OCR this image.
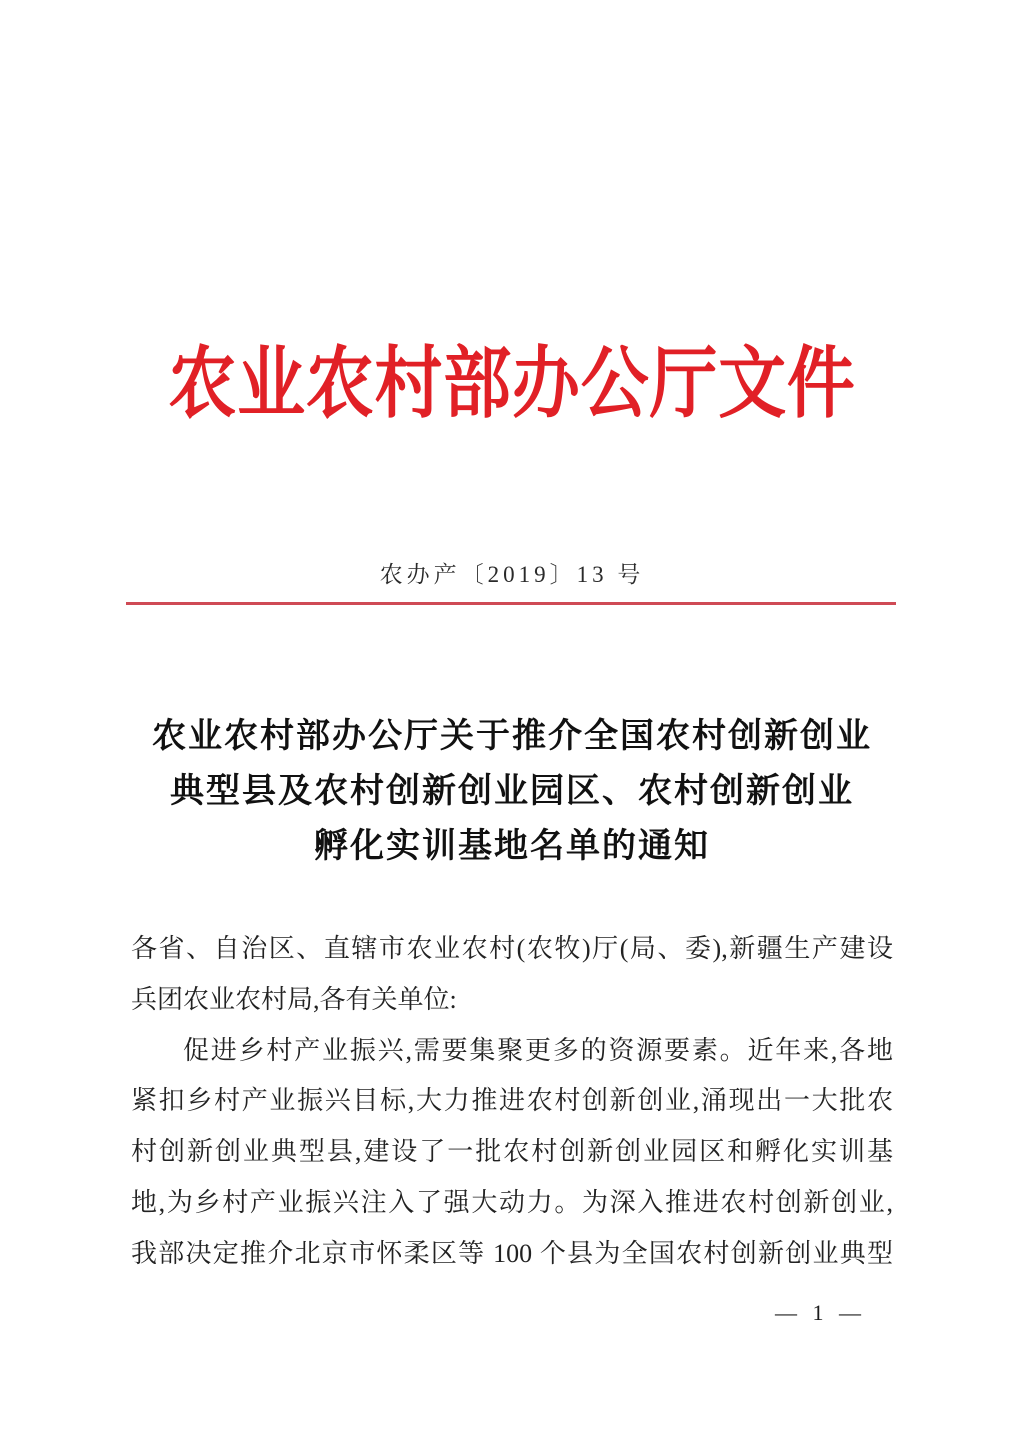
农业农村部办公厅文件
农办产〔2019〕13 号
农业农村部办公厅关于推介全国农村创新创业
典型县及农村创新创业园区、农村创新创业
孵化实训基地名单的通知

各省、自治区、直辖市农业农村(农牧)厅(局、委),新疆生产建设

兵团农业农村局,各有关单位:

促进乡村产业振兴,需要集聚更多的资源要素。近年来,各地

紧扣乡村产业振兴目标,大力推进农村创新创业,涌现出一大批农

村创新创业典型县,建设了一批农村创新创业园区和孵化实训基

地,为乡村产业振兴注入了强大动力。为深入推进农村创新创业,

我部决定推介北京市怀柔区等 100 个县为全国农村创新创业典型

— 1 —
